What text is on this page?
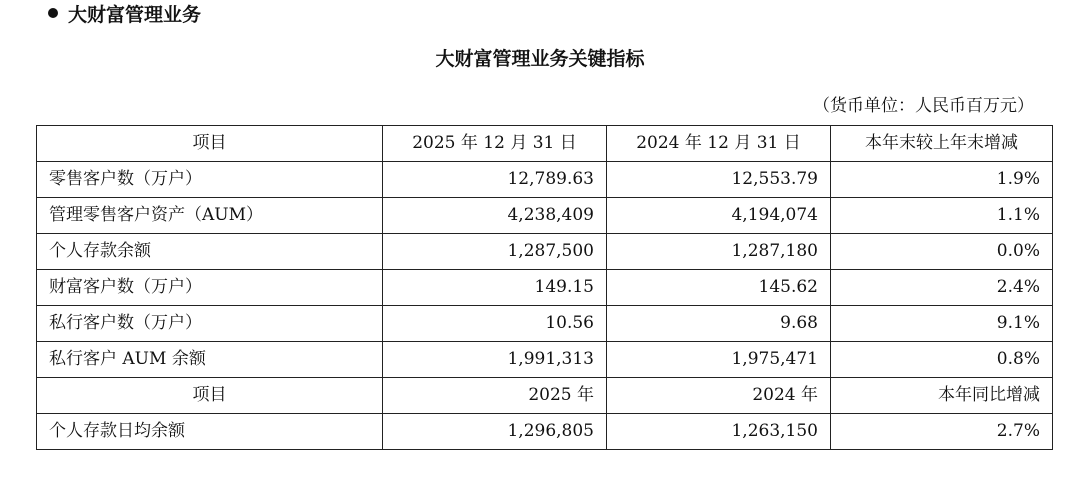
大财富管理业务
大财富管理业务关键指标
（货币单位：人民币百万元）
项目	2025 年 12 月 31 日	2024 年 12 月 31 日	本年末较上年末增减
零售客户数（万户）	12,789.63	12,553.79	1.9%
管理零售客户资产（AUM）	4,238,409	4,194,074	1.1%
个人存款余额	1,287,500	1,287,180	0.0%
财富客户数（万户）	149.15	145.62	2.4%
私行客户数（万户）	10.56	9.68	9.1%
私行客户 AUM 余额	1,991,313	1,975,471	0.8%
项目	2025 年	2024 年	本年同比增减
个人存款日均余额	1,296,805	1,263,150	2.7%
